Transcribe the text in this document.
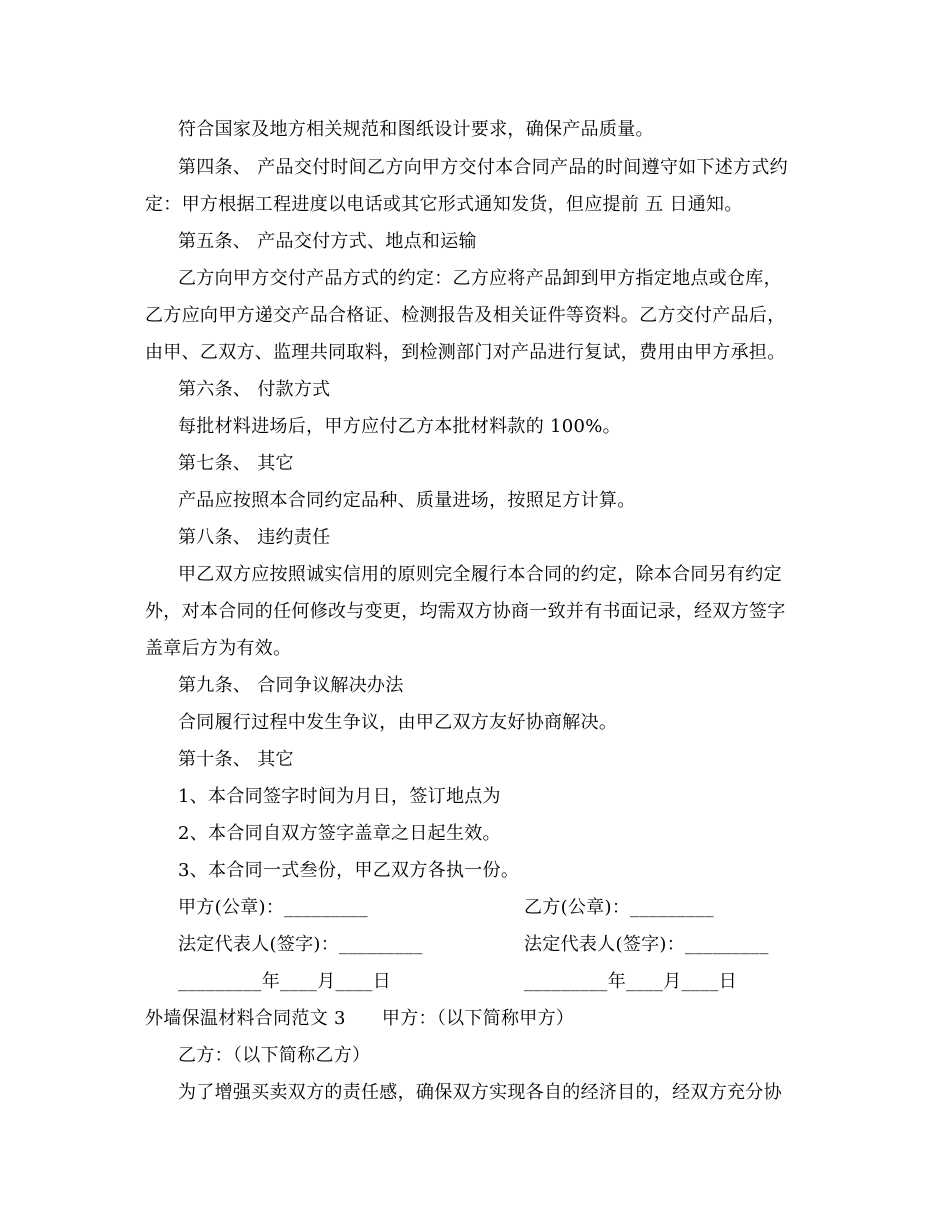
符合国家及地方相关规范和图纸设计要求，确保产品质量。
第四条、 产品交付时间乙方向甲方交付本合同产品的时间遵守如下述方式约
定：甲方根据工程进度以电话或其它形式通知发货，但应提前 五 日通知。
第五条、 产品交付方式、地点和运输
乙方向甲方交付产品方式的约定：乙方应将产品卸到甲方指定地点或仓库，
乙方应向甲方递交产品合格证、检测报告及相关证件等资料。乙方交付产品后，
由甲、乙双方、监理共同取料，到检测部门对产品进行复试，费用由甲方承担。
第六条、 付款方式
每批材料进场后，甲方应付乙方本批材料款的 100%。
第七条、 其它
产品应按照本合同约定品种、质量进场，按照足方计算。
第八条、 违约责任
甲乙双方应按照诚实信用的原则完全履行本合同的约定，除本合同另有约定
外，对本合同的任何修改与变更，均需双方协商一致并有书面记录，经双方签字
盖章后方为有效。
第九条、 合同争议解决办法
合同履行过程中发生争议，由甲乙双方友好协商解决。
第十条、 其它
1、本合同签字时间为月日，签订地点为
2、本合同自双方签字盖章之日起生效。
3、本合同一式叁份，甲乙双方各执一份。
甲方(公章)：_________	乙方(公章)：_________
法定代表人(签字)：_________	法定代表人(签字)：_________
_________年____月____日	_________年____月____日
外墙保温材料合同范文 3      甲方：（以下简称甲方）
乙方：（以下简称乙方）
为了增强买卖双方的责任感，确保双方实现各自的经济目的，经双方充分协
